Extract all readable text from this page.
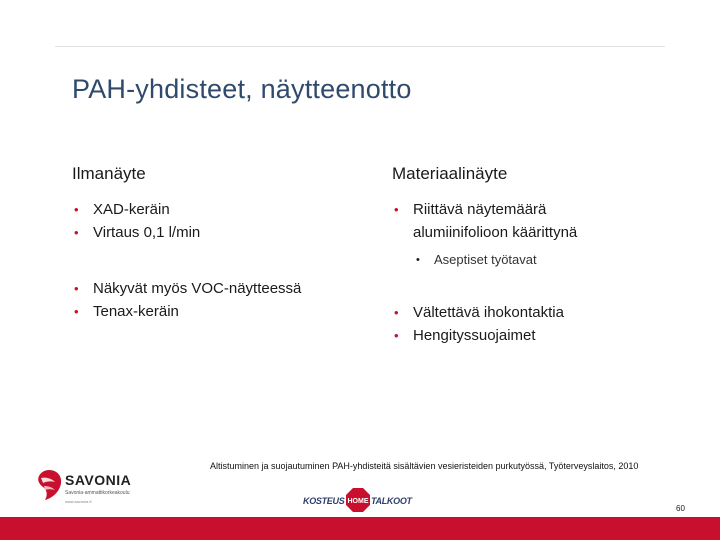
PAH-yhdisteet, näytteenotto
Ilmanäyte
• XAD-keräin
• Virtaus 0,1 l/min
• Näkyvät myös VOC-näytteessä
• Tenax-keräin
Materiaalinäyte
• Riittävä näytemäärä alumiinifolioon käärittynä
• Aseptiset työtavat
• Vältettävä ihokontaktia
• Hengityssuojaimet
Altistuminen ja suojautuminen PAH-yhdisteitä sisältävien vesieristeiden purkutyössä, Työterveyslaitos, 2010
SAVONIA
Savonia-ammattikorkeakoulu
www.savonia.fi	KOSTEUS HOME TALKOOT
60
